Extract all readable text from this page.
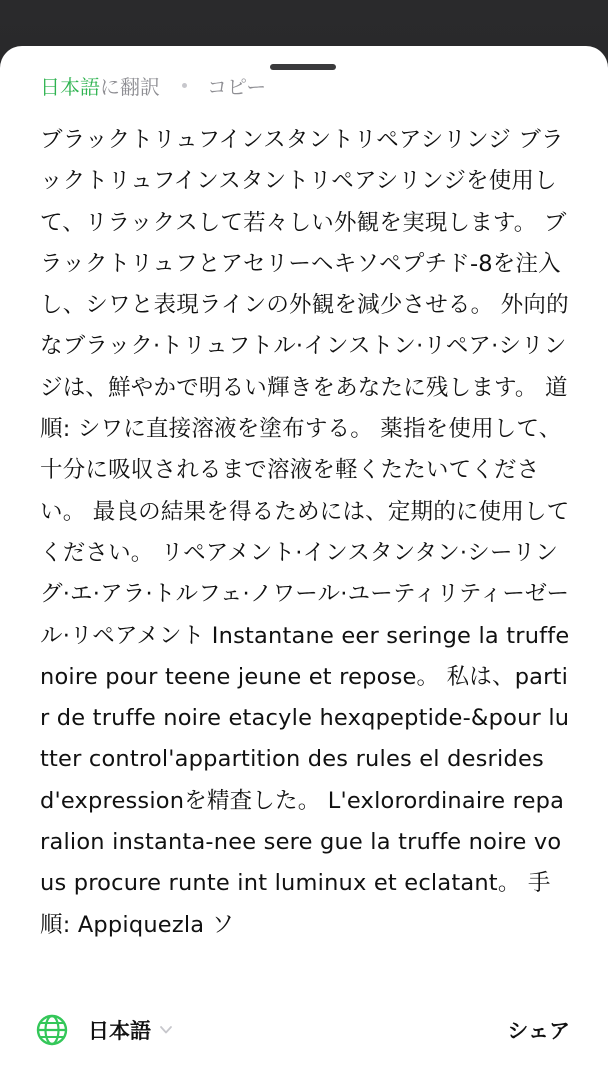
日本語に翻訳 コピー
ブラックトリュフインスタントリペアシリンジ ブラックトリュフインスタントリペアシリンジを使用して、リラックスして若々しい外観を実現します。 ブラックトリュフとアセリーヘキソペプチド-8を注入し、シワと表現ラインの外観を減少させる。 外向的なブラック·トリュフトル·インストン·リペア·シリンジは、鮮やかで明るい輝きをあなたに残します。 道順: シワに直接溶液を塗布する。 薬指を使用して、十分に吸収されるまで溶液を軽くたたいてください。 最良の結果を得るためには、定期的に使用してください。 リペアメント·インスタンタン·シーリング·エ·アラ·トルフェ·ノワール·ユーティリティーゼール·リペアメント Instantane eer seringe la truffe noire pour teene jeune et repose。 私は、partir de truffe noire etacyle hexqpeptide-&pour lutter control'appartition des rules el desrides d'expressionを精査した。 L'exlorordinaire reparalion instanta-nee sere gue la truffe noire vous procure runte int luminux et eclatant。 手順: Appiquezla ソ
日本語	シェア
